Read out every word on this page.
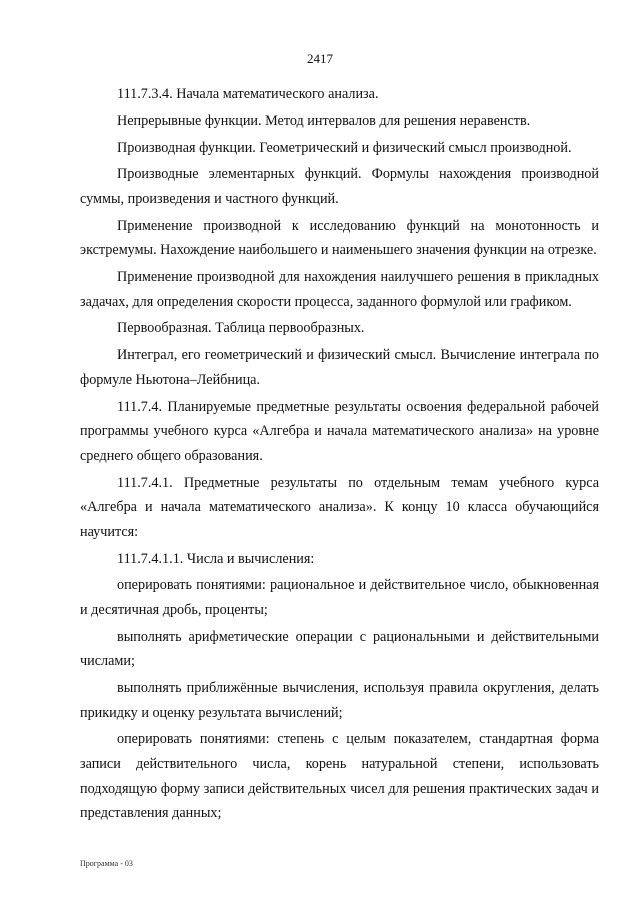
2417

111.7.3.4. Начала математического анализа.

Непрерывные функции. Метод интервалов для решения неравенств.

Производная функции. Геометрический и физический смысл производной.

Производные элементарных функций. Формулы нахождения производной суммы, произведения и частного функций.

Применение производной к исследованию функций на монотонность и экстремумы. Нахождение наибольшего и наименьшего значения функции на отрезке.

Применение производной для нахождения наилучшего решения в прикладных задачах, для определения скорости процесса, заданного формулой или графиком.

Первообразная. Таблица первообразных.

Интеграл, его геометрический и физический смысл. Вычисление интеграла по формуле Ньютона–Лейбница.

111.7.4. Планируемые предметные результаты освоения федеральной рабочей программы учебного курса «Алгебра и начала математического анализа» на уровне среднего общего образования.

111.7.4.1. Предметные результаты по отдельным темам учебного курса «Алгебра и начала математического анализа». К концу 10 класса обучающийся научится:

111.7.4.1.1. Числа и вычисления:

оперировать понятиями: рациональное и действительное число, обыкновенная и десятичная дробь, проценты;

выполнять арифметические операции с рациональными и действительными числами;

выполнять приближённые вычисления, используя правила округления, делать прикидку и оценку результата вычислений;

оперировать понятиями: степень с целым показателем, стандартная форма записи действительного числа, корень натуральной степени, использовать подходящую форму записи действительных чисел для решения практических задач и представления данных;

Программа - 03
